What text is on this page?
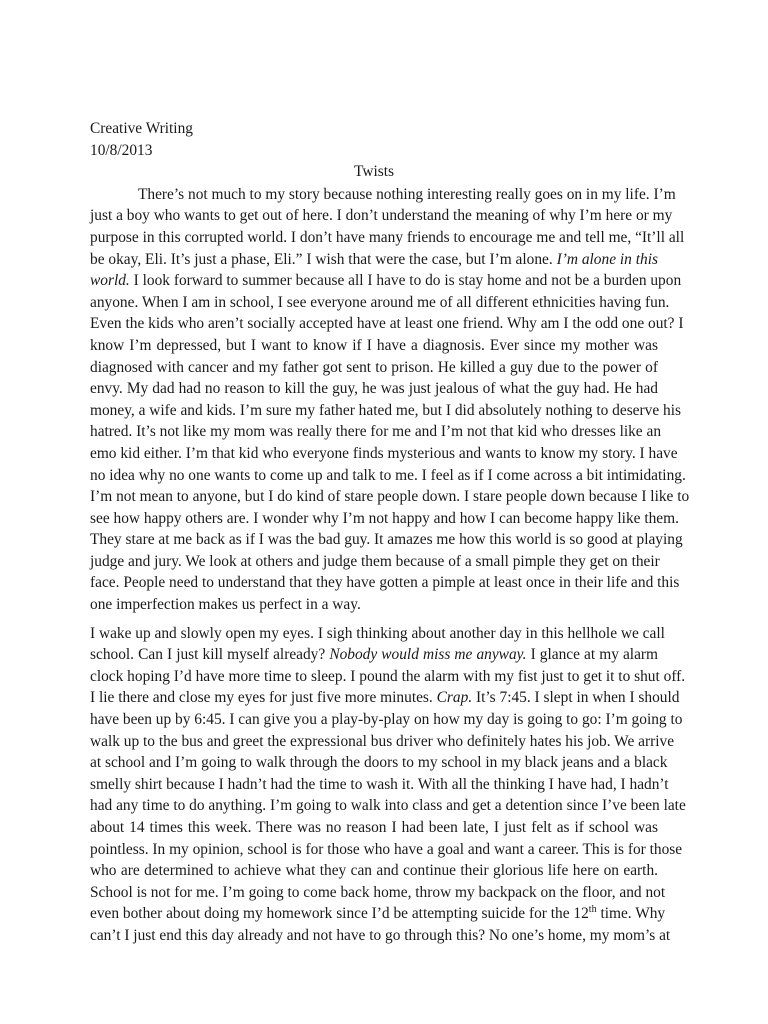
Creative Writing
10/8/2013
Twists
There’s not much to my story because nothing interesting really goes on in my life. I’m
just a boy who wants to get out of here. I don’t understand the meaning of why I’m here or my
purpose in this corrupted world. I don’t have many friends to encourage me and tell me, “It’ll all
be okay, Eli. It’s just a phase, Eli.” I wish that were the case, but I’m alone. I’m alone in this
world. I look forward to summer because all I have to do is stay home and not be a burden upon
anyone. When I am in school, I see everyone around me of all different ethnicities having fun.
Even the kids who aren’t socially accepted have at least one friend. Why am I the odd one out? I
know I’m depressed, but I want to know if I have a diagnosis. Ever since my mother was
diagnosed with cancer and my father got sent to prison. He killed a guy due to the power of
envy. My dad had no reason to kill the guy, he was just jealous of what the guy had. He had
money, a wife and kids. I’m sure my father hated me, but I did absolutely nothing to deserve his
hatred. It’s not like my mom was really there for me and I’m not that kid who dresses like an
emo kid either. I’m that kid who everyone finds mysterious and wants to know my story. I have
no idea why no one wants to come up and talk to me. I feel as if I come across a bit intimidating.
I’m not mean to anyone, but I do kind of stare people down. I stare people down because I like to
see how happy others are. I wonder why I’m not happy and how I can become happy like them.
They stare at me back as if I was the bad guy. It amazes me how this world is so good at playing
judge and jury. We look at others and judge them because of a small pimple they get on their
face. People need to understand that they have gotten a pimple at least once in their life and this
one imperfection makes us perfect in a way.
I wake up and slowly open my eyes. I sigh thinking about another day in this hellhole we call
school. Can I just kill myself already? Nobody would miss me anyway. I glance at my alarm
clock hoping I’d have more time to sleep. I pound the alarm with my fist just to get it to shut off.
I lie there and close my eyes for just five more minutes. Crap. It’s 7:45. I slept in when I should
have been up by 6:45. I can give you a play-by-play on how my day is going to go: I’m going to
walk up to the bus and greet the expressional bus driver who definitely hates his job. We arrive
at school and I’m going to walk through the doors to my school in my black jeans and a black
smelly shirt because I hadn’t had the time to wash it. With all the thinking I have had, I hadn’t
had any time to do anything. I’m going to walk into class and get a detention since I’ve been late
about 14 times this week. There was no reason I had been late, I just felt as if school was
pointless. In my opinion, school is for those who have a goal and want a career. This is for those
who are determined to achieve what they can and continue their glorious life here on earth.
School is not for me. I’m going to come back home, throw my backpack on the floor, and not
even bother about doing my homework since I’d be attempting suicide for the 12th time. Why
can’t I just end this day already and not have to go through this? No one’s home, my mom’s at
